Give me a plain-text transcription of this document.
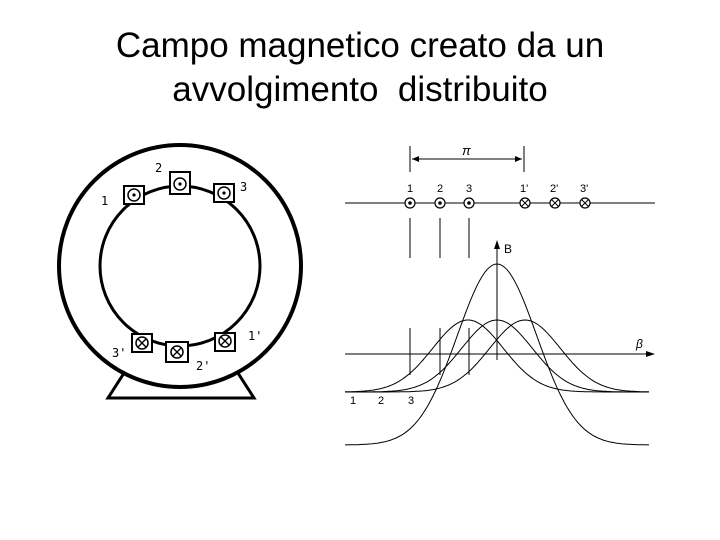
Campo magnetico creato da un
avvolgimento  distribuito
2
1
3
1'
2'
3'
π
1 2 3	1' 2' 3'
B
β
1 2 3
